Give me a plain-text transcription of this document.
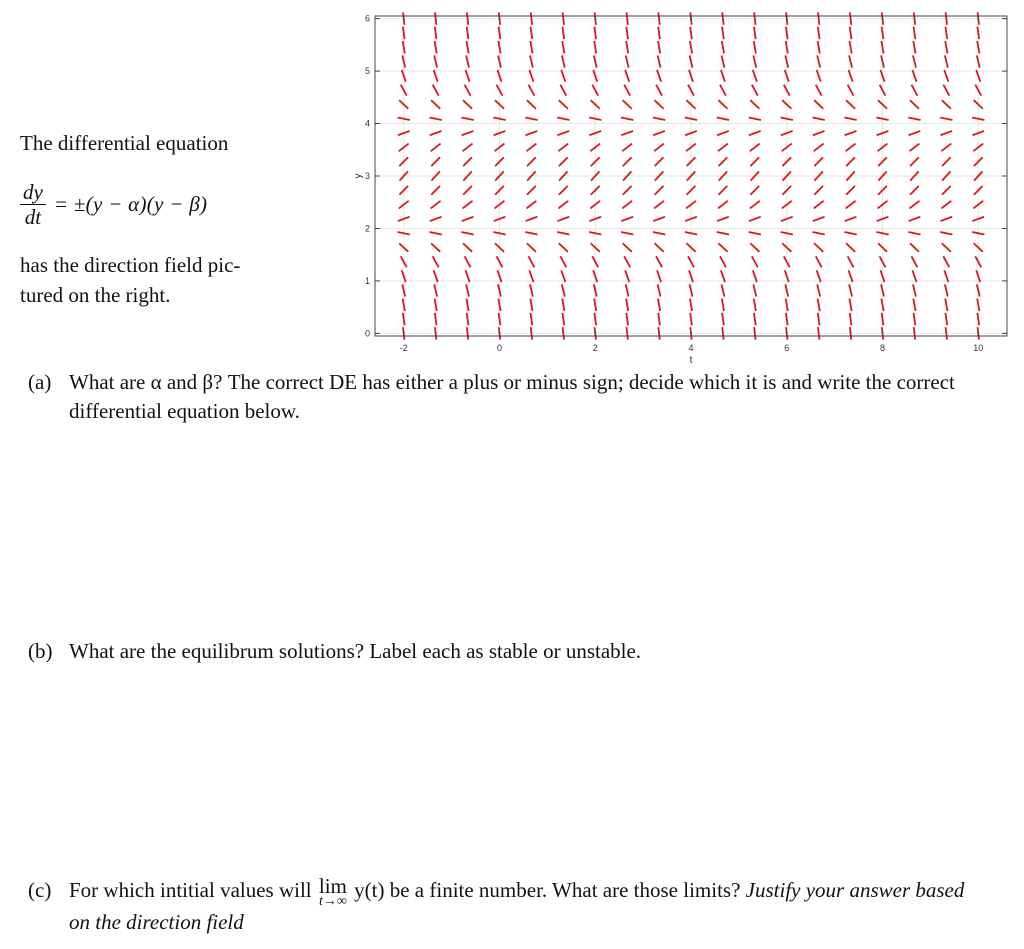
The differential equation

$\frac{dy}{dt} = \pm(y - \alpha)(y - \beta)$

has the direction field pic-

tured on the right.

-2	0	2	4	6	8	10
0
1
2
3
4
5
6
t
y
(a) What are α and β? The correct DE has either a plus or minus sign; decide which it is and write the correct differential equation below.
(b) What are the equilibrum solutions? Label each as stable or unstable.
(c) For which intitial values will lim
t→∞ y(t) be a finite number. What are those limits? Justify your answer based on the direction field
